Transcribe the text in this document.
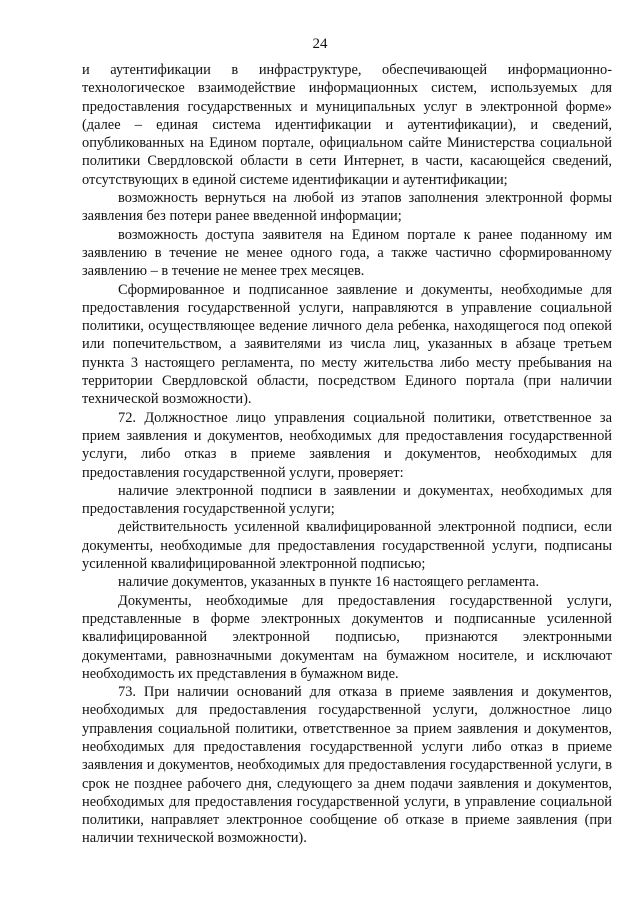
24

и аутентификации в инфраструктуре, обеспечивающей информационно-технологическое взаимодействие информационных систем, используемых для предоставления государственных и муниципальных услуг в электронной форме» (далее – единая система идентификации и аутентификации), и сведений, опубликованных на Едином портале, официальном сайте Министерства социальной политики Свердловской области в сети Интернет, в части, касающейся сведений, отсутствующих в единой системе идентификации и аутентификации;

возможность вернуться на любой из этапов заполнения электронной формы заявления без потери ранее введенной информации;

возможность доступа заявителя на Едином портале к ранее поданному им заявлению в течение не менее одного года, а также частично сформированному заявлению – в течение не менее трех месяцев.

Сформированное и подписанное заявление и документы, необходимые для предоставления государственной услуги, направляются в управление социальной политики, осуществляющее ведение личного дела ребенка, находящегося под опекой или попечительством, а заявителями из числа лиц, указанных в абзаце третьем пункта 3 настоящего регламента, по месту жительства либо месту пребывания на территории Свердловской области, посредством Единого портала (при наличии технической возможности).

72. Должностное лицо управления социальной политики, ответственное за прием заявления и документов, необходимых для предоставления государственной услуги, либо отказ в приеме заявления и документов, необходимых для предоставления государственной услуги, проверяет:

наличие электронной подписи в заявлении и документах, необходимых для предоставления государственной услуги;

действительность усиленной квалифицированной электронной подписи, если документы, необходимые для предоставления государственной услуги, подписаны усиленной квалифицированной электронной подписью;

наличие документов, указанных в пункте 16 настоящего регламента.

Документы, необходимые для предоставления государственной услуги, представленные в форме электронных документов и подписанные усиленной квалифицированной электронной подписью, признаются электронными документами, равнозначными документам на бумажном носителе, и исключают необходимость их представления в бумажном виде.

73. При наличии оснований для отказа в приеме заявления и документов, необходимых для предоставления государственной услуги, должностное лицо управления социальной политики, ответственное за прием заявления и документов, необходимых для предоставления государственной услуги либо отказ в приеме заявления и документов, необходимых для предоставления государственной услуги, в срок не позднее рабочего дня, следующего за днем подачи заявления и документов, необходимых для предоставления государственной услуги, в управление социальной политики, направляет электронное сообщение об отказе в приеме заявления (при наличии технической возможности).
